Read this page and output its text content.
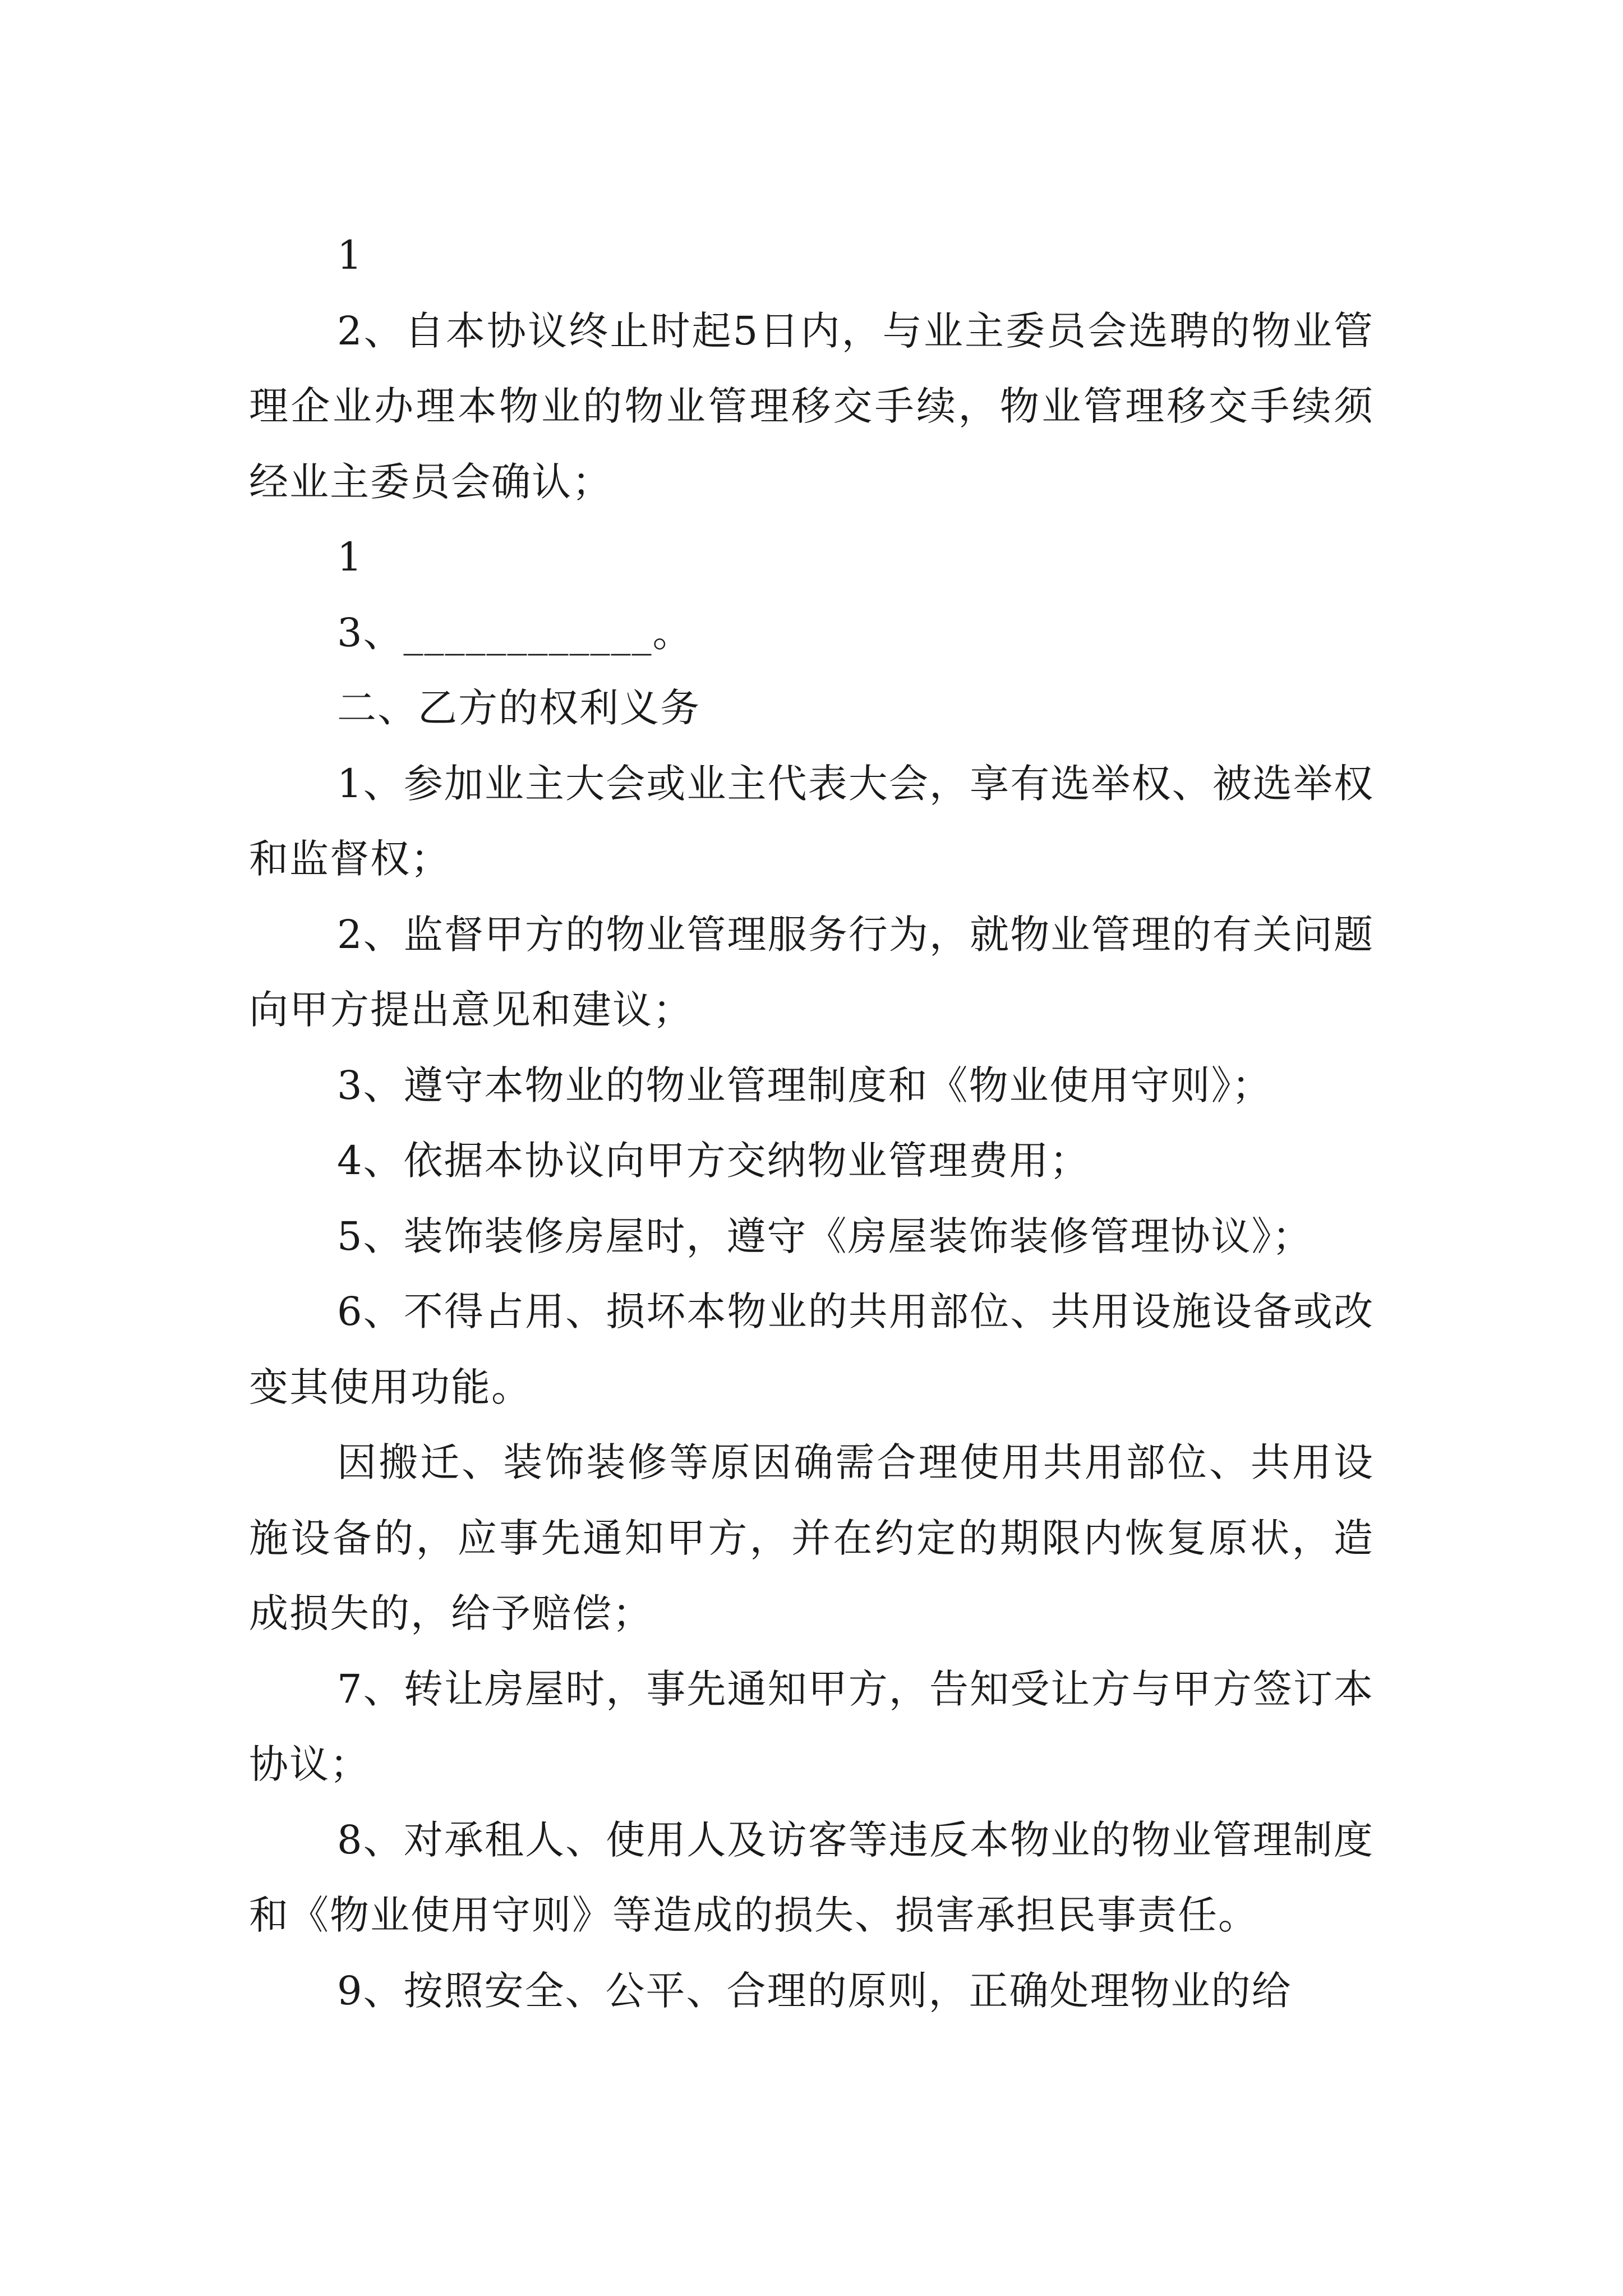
1

2、自本协议终止时起5日内，与业主委员会选聘的物业管理企业办理本物业的物业管理移交手续，物业管理移交手续须经业主委员会确认；

1

3、____________。

二、乙方的权利义务

1、参加业主大会或业主代表大会，享有选举权、被选举权和监督权；

2、监督甲方的物业管理服务行为，就物业管理的有关问题向甲方提出意见和建议；

3、遵守本物业的物业管理制度和《物业使用守则》；

4、依据本协议向甲方交纳物业管理费用；

5、装饰装修房屋时，遵守《房屋装饰装修管理协议》；

6、不得占用、损坏本物业的共用部位、共用设施设备或改变其使用功能。

因搬迁、装饰装修等原因确需合理使用共用部位、共用设施设备的，应事先通知甲方，并在约定的期限内恢复原状，造成损失的，给予赔偿；

7、转让房屋时，事先通知甲方，告知受让方与甲方签订本协议；

8、对承租人、使用人及访客等违反本物业的物业管理制度和《物业使用守则》等造成的损失、损害承担民事责任。

9、按照安全、公平、合理的原则，正确处理物业的给
